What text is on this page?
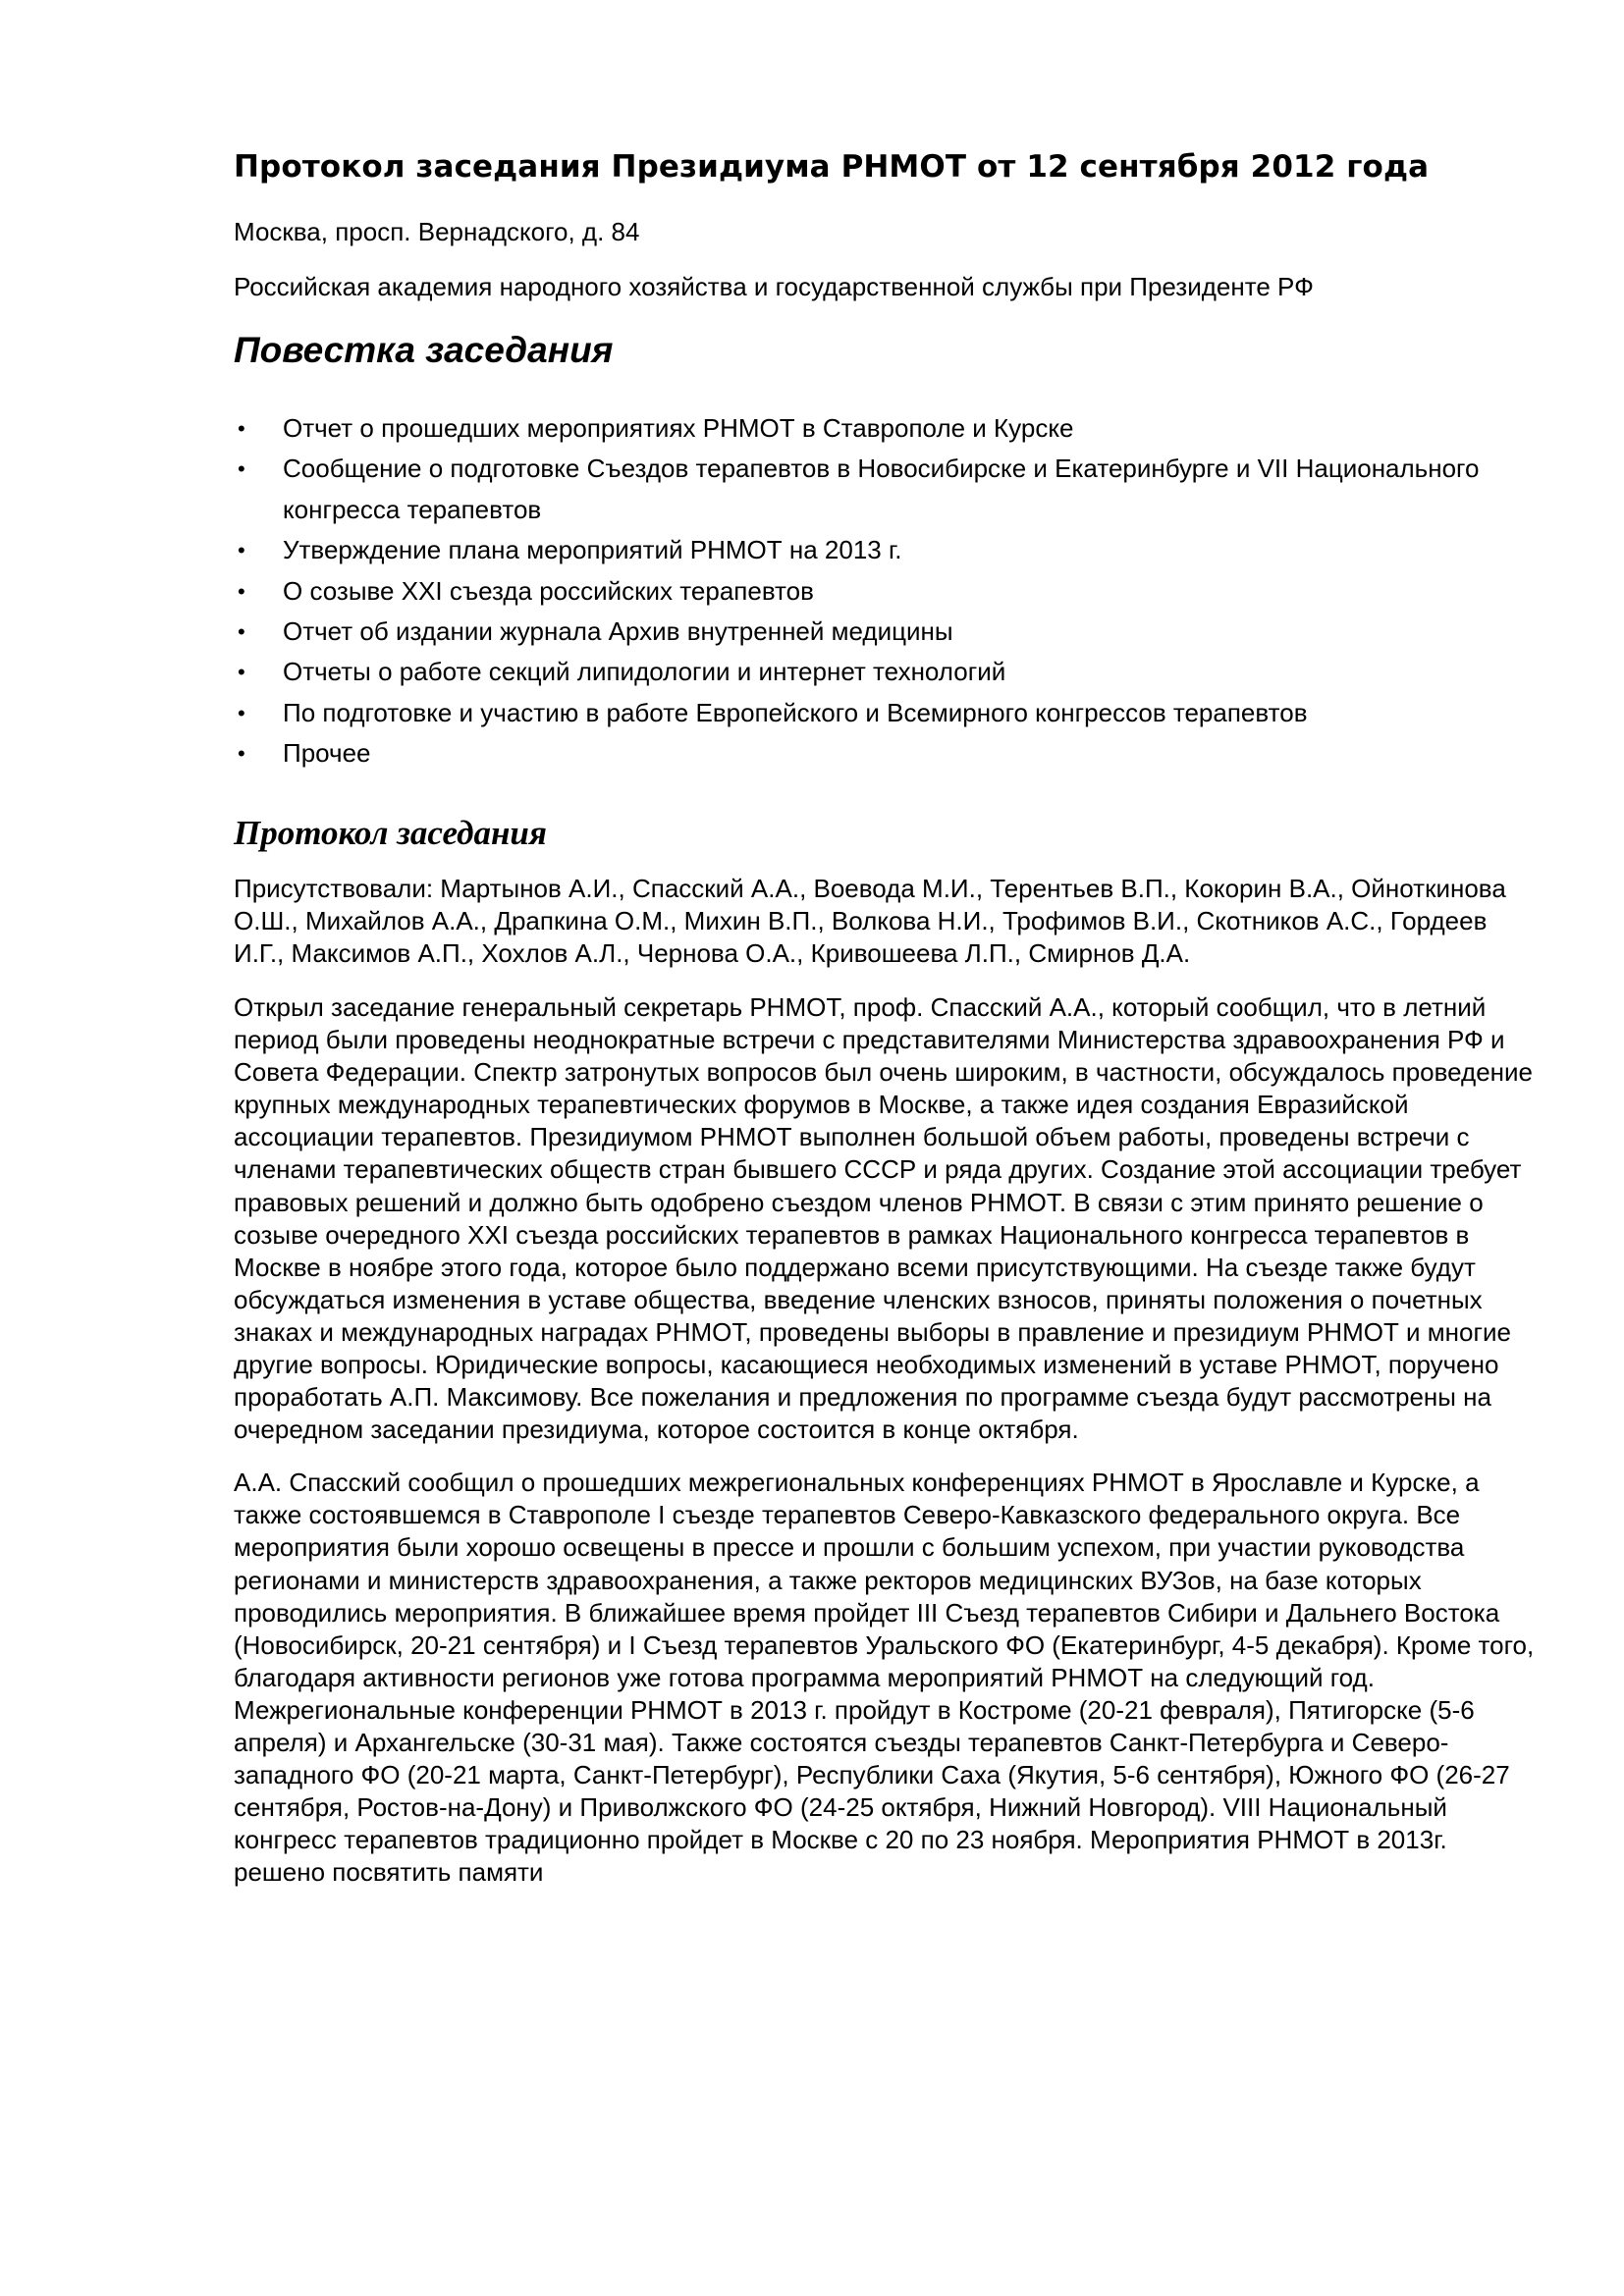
Протокол заседания Президиума РНМОТ от 12 сентября 2012 года

Москва, просп. Вернадского, д. 84

Российская академия народного хозяйства и государственной службы при Президенте РФ

Повестка заседания
• Отчет о прошедших мероприятиях РНМОТ в Ставрополе и Курске
• Сообщение о подготовке Съездов терапевтов в Новосибирске и Екатеринбурге и VII Национального конгресса терапевтов
• Утверждение плана мероприятий РНМОТ на 2013 г.
• О созыве XXI съезда российских терапевтов
• Отчет об издании журнала Архив внутренней медицины
• Отчеты о работе секций липидологии и интернет технологий
• По подготовке и участию в работе Европейского и Всемирного конгрессов терапевтов
• Прочее
Протокол заседания

Присутствовали: Мартынов А.И., Спасский А.А., Воевода М.И., Терентьев В.П., Кокорин В.А., Ойноткинова О.Ш., Михайлов А.А., Драпкина О.М., Михин В.П., Волкова Н.И., Трофимов В.И., Скотников А.С., Гордеев И.Г., Максимов А.П., Хохлов А.Л., Чернова О.А., Кривошеева Л.П., Смирнов Д.А.

Открыл заседание генеральный секретарь РНМОТ, проф. Спасский А.А., который сообщил, что в летний период были проведены неоднократные встречи с представителями Министерства здравоохранения РФ и Совета Федерации. Спектр затронутых вопросов был очень широким, в частности, обсуждалось проведение крупных международных терапевтических форумов в Москве, а также идея создания Евразийской ассоциации терапевтов. Президиумом РНМОТ выполнен большой объем работы, проведены встречи с членами терапевтических обществ стран бывшего СССР и ряда других. Создание этой ассоциации требует правовых решений и должно быть одобрено съездом членов РНМОТ. В связи с этим принято решение о созыве очередного XXI съезда российских терапевтов в рамках Национального конгресса терапевтов в Москве в ноябре этого года, которое было поддержано всеми присутствующими. На съезде также будут обсуждаться изменения в уставе общества, введение членских взносов, приняты положения о почетных знаках и международных наградах РНМОТ, проведены выборы в правление и президиум РНМОТ и многие другие вопросы. Юридические вопросы, касающиеся необходимых изменений в уставе РНМОТ, поручено проработать А.П. Максимову. Все пожелания и предложения по программе съезда будут рассмотрены на очередном заседании президиума, которое состоится в конце октября.

А.А. Спасский сообщил о прошедших межрегиональных конференциях РНМОТ в Ярославле и Курске, а также состоявшемся в Ставрополе I съезде терапевтов Северо-Кавказского федерального округа. Все мероприятия были хорошо освещены в прессе и прошли с большим успехом, при участии руководства регионами и министерств здравоохранения, а также ректоров медицинских ВУЗов, на базе которых проводились мероприятия. В ближайшее время пройдет III Съезд терапевтов Сибири и Дальнего Востока (Новосибирск, 20-21 сентября) и I Съезд терапевтов Уральского ФО (Екатеринбург, 4-5 декабря). Кроме того, благодаря активности регионов уже готова программа мероприятий РНМОТ на следующий год. Межрегиональные конференции РНМОТ в 2013 г. пройдут в Костроме (20-21 февраля), Пятигорске (5-6 апреля) и Архангельске (30-31 мая). Также состоятся съезды терапевтов Санкт-Петербурга и Северо-западного ФО (20-21 марта, Санкт-Петербург), Республики Саха (Якутия, 5-6 сентября), Южного ФО (26-27 сентября, Ростов-на-Дону) и Приволжского ФО (24-25 октября, Нижний Новгород). VIII Национальный конгресс терапевтов традиционно пройдет в Москве с 20 по 23 ноября. Мероприятия РНМОТ в 2013г. решено посвятить памяти
